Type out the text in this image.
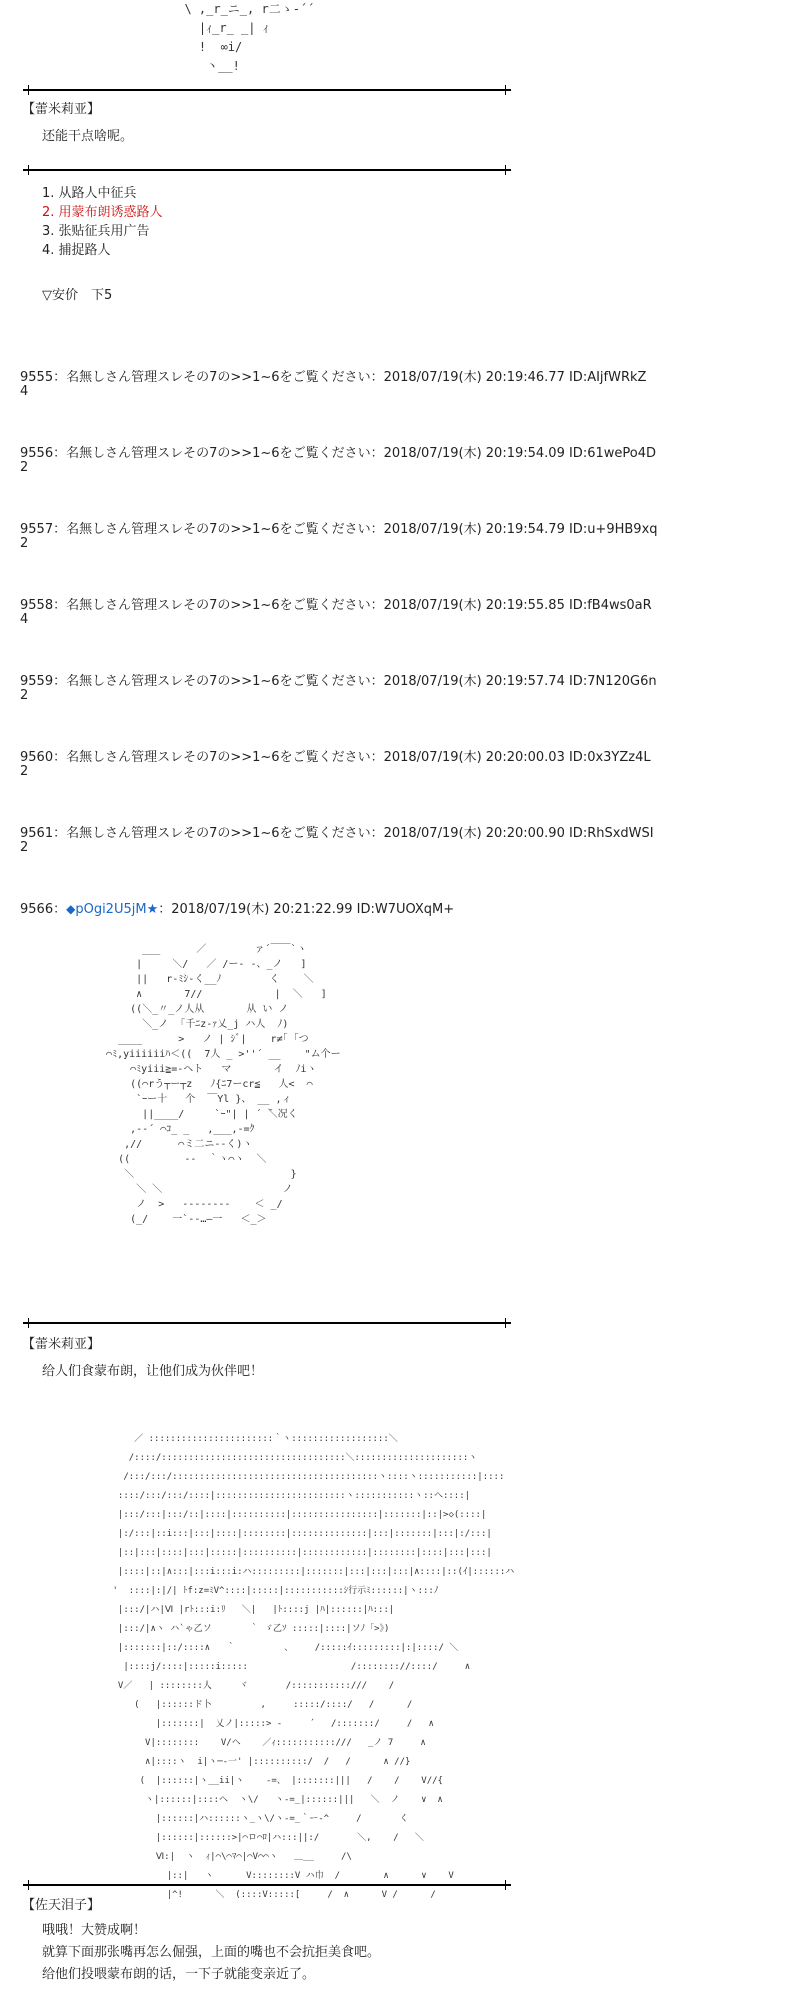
\ ,_r_ニ_, r二ゝ-´´
|ｨ_r_ _| ｨ
!  ∞i/
丶__!
【蕾米莉亚】
还能干点啥呢。
1. 从路人中征兵
2. 用蒙布朗诱惑路人
3. 张贴征兵用广告
4. 捕捉路人
▽安价　下5
9555：名無しさん管理スレその7の>>1~6をご覧ください：2018/07/19(木) 20:19:46.77 ID:AIjfWRkZ
4
9556：名無しさん管理スレその7の>>1~6をご覧ください：2018/07/19(木) 20:19:54.09 ID:61wePo4D
2
9557：名無しさん管理スレその7の>>1~6をご覧ください：2018/07/19(木) 20:19:54.79 ID:u+9HB9xq
2
9558：名無しさん管理スレその7の>>1~6をご覧ください：2018/07/19(木) 20:19:55.85 ID:fB4ws0aR
4
9559：名無しさん管理スレその7の>>1~6をご覧ください：2018/07/19(木) 20:19:57.74 ID:7N120G6n
2
9560：名無しさん管理スレその7の>>1~6をご覧ください：2018/07/19(木) 20:20:00.03 ID:0x3YZz4L
2
9561：名無しさん管理スレその7の>>1~6をご覧ください：2018/07/19(木) 20:20:00.90 ID:RhSxdWSI
2
9566：◆pOgi2U5jM★：2018/07/19(木) 20:21:22.99 ID:W7UOXqM+
___      ／        ァ´￣￣`ヽ
|     ＼/   ／ /ー‐ ‐、_ノ   ]
||   r‐ﾐｼ-く__ﾉ        く    ＼
∧       7//            |  ＼   ]
((＼_〃_ノ人从       从 い ノ
＼_ノ  ｢千ﾆz-ｧ乂_j ハ人  ﾉ)
____      >   ノ | ｼﾞ|    r≠｢ ｢つ
⌒ﾐ,yiiiiiiﾊ＜((  7人 _ >''´ __    "ム个ー
⌒ﾐyiii≧=-ヘト   マ       イ  ﾉiヽ
((⌒rう┬ー┬z   ﾉ{ﾆ7ーcr≦   人<  ⌒
`ｰー十   个  ￣Yl }、 __ ,ィ
||____/     `ｰ"| | ´ ̄＼况く
,--´ ⌒ｺ_ _   ,___,-=ｸ
,//      ⌒ミ二ニ‐-く)ヽ
((         ‐‐  ｀ヽ⌒ヽ  ＼
＼                          }
＼ ＼                    ノ
ノ  >   ‐‐‐‐‐‐‐‐    ＜ _/
(_/    一`‐‐…―一   ＜_＞
【蕾米莉亚】
给人们食蒙布朗，让他们成为伙伴吧！
／ :::::::::::::::::::::::｀ヽ::::::::::::::::::＼
/::::/::::::::::::::::::::::::::::::::::＼:::::::::::::::::::::ヽ
/:::/:::/::::::::::::::::::::::::::::::::::::::ヽ::::ヽ:::::::::::|::::
::::/:::/:::/::::|::::::::::::::::::::::::ヽ:::::::::::ヽ::ヘ::::|
|:::/:::|:::/::|::::|::::::::::|::::::::::::::::|:::::::|::|>◇(::::|
|:/:::|::i:::|:::|::::|::::::::|::::::::::::::|:::|:::::::|:::|:/:::|
|::|:::|::::|:::|:::::|::::::::::|::::::::::::|::::::::|::::|:::|:::|
|::::|::|∧:::|:::i:::i:ハ:::::::::|:::::::|:::|:::|:::|∧::::|::(ｲ|::::::ハ
'  ::::|:|/| ﾄf:z=ﾐV^::::|:::::|:::::::::::ｼ行示ﾐ::::::|ヽ:::ﾉ
|:::/|ハ|Ⅵ |rﾄ:::i:ﾘ   ＼|   |ﾄ::::j |ﾊ|::::::|ﾊ:::|
|:::/|∧ヽ ハ`ゃ乙ソ       ｀ ゞ乙ｿ :::::|::::|ソﾉ「>》)
|:::::::|::/::::∧   ｀         、    /:::::ｲ:::::::::|:|::::/ ＼
|::::j/::::|:::::i:::::                   /:::::::://::::/     ∧
V／   | ::::::::人     ヾ       /:::::::::::///    /
(   |::::::ド卜         ,     :::::/::::/   /      /
|:::::::|  乂ノ|:::::> -     ´   /:::::::/     /   ∧
V|::::::::    V/ヘ    ／ｨ:::::::::::///   _ノ 7     ∧
∧|::::ヽ  i|ヽ─‐一' |::::::::::/  /   /      ∧ //}
(  |::::::|ヽ__ii|ヽ    -=、 |:::::::|||   /    /    V//{
ヽ|::::::|::::ヘ  ヽ\/   ヽ-=_|::::::|||   ＼  ノ    ∨  ∧
|::::::|ハ::::::ヽ_ヽ\/ヽ-=_｀ー‐^     /       く
|::::::|::::::>|⌒ロ⌒ﾛ|ハ:::||:/       ＼,    /   ＼
Ⅵ:|  ヽ  ｨ|⌒\⌒ﾏ⌒|⌒V⌒⌒ヽ   ＿__     /\
|::|   ヽ      V::::::::V ハ巾  /        ∧      ∨    V
|^!      ＼  (::::V:::::[     /  ∧      V /      /
【佐天泪子】
哦哦！大赞成啊！
就算下面那张嘴再怎么倔强，上面的嘴也不会抗拒美食吧。
给他们投喂蒙布朗的话，一下子就能变亲近了。
